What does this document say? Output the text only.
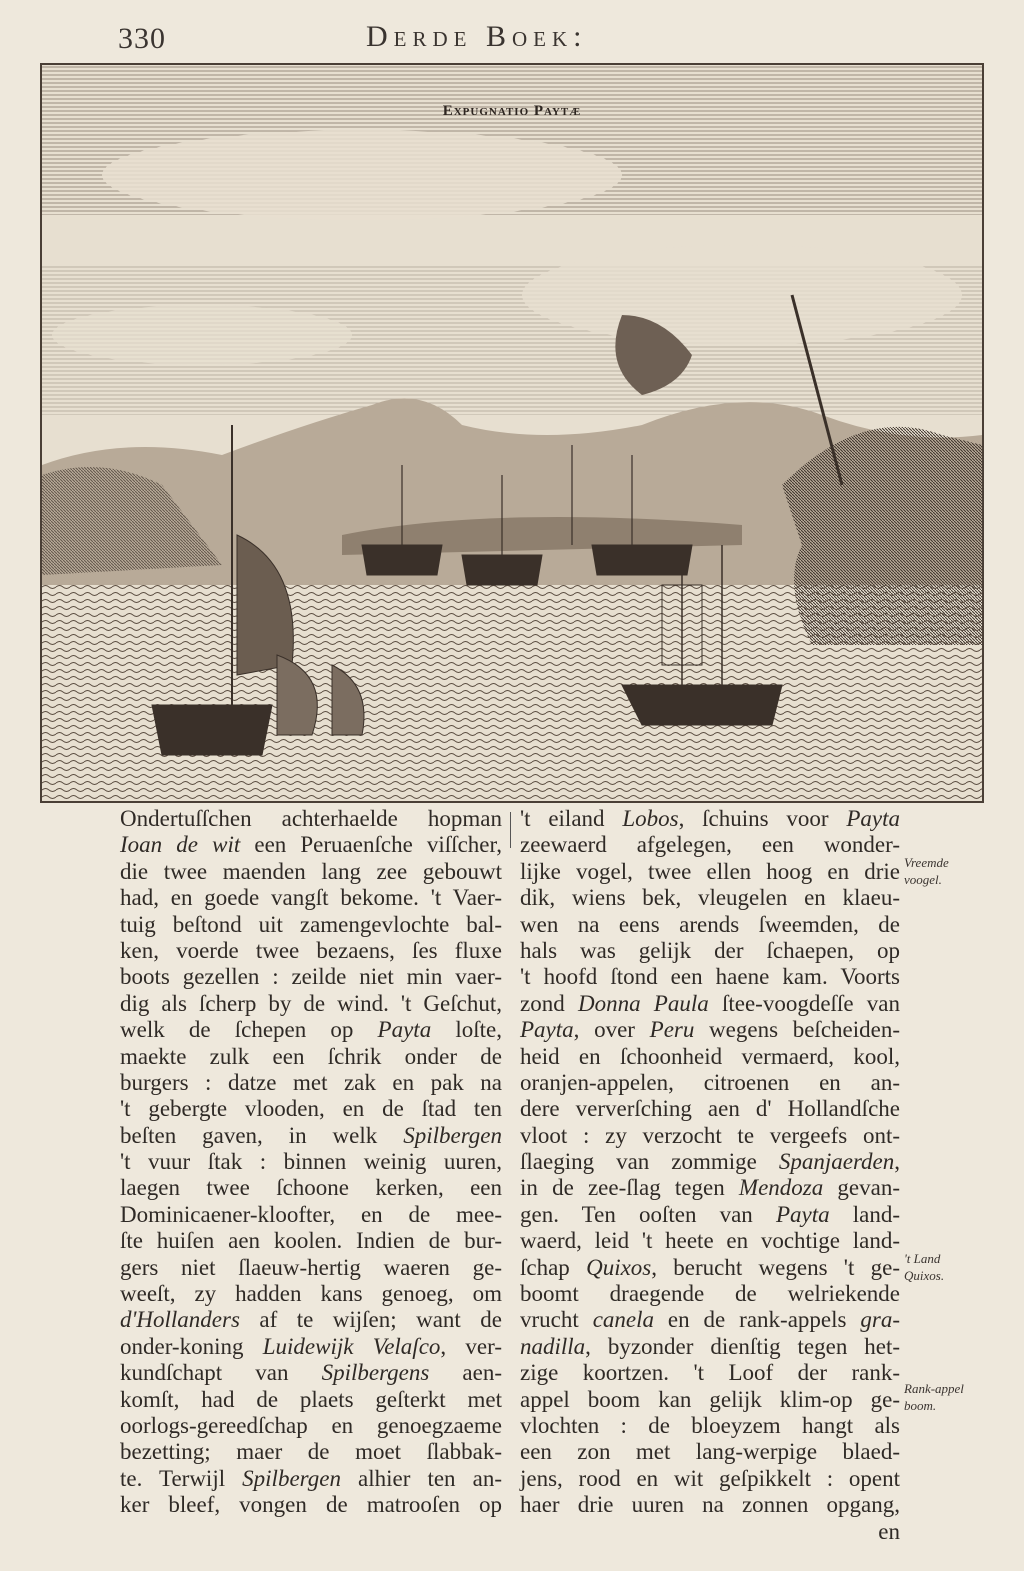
330	Derde Boek:
Expugnatio Paytæ
Ondertuſſchen achterhaelde hopman
Ioan de wit een Peruaenſche viſſcher,
die twee maenden lang zee gebouwt
had, en goede vangſt bekome. 't Vaer-
tuig beſtond uit zamengevlochte bal-
ken, voerde twee bezaens, ſes fluxe
boots gezellen : zeilde niet min vaer-
dig als ſcherp by de wind. 't Geſchut,
welk de ſchepen op Payta loſte,
maekte zulk een ſchrik onder de
burgers : datze met zak en pak na
't gebergte vlooden, en de ſtad ten
beſten gaven, in welk Spilbergen
't vuur ſtak : binnen weinig uuren,
laegen twee ſchoone kerken, een
Dominicaener-kloofter, en de mee-
ſte huiſen aen koolen. Indien de bur-
gers niet ſlaeuw-hertig waeren ge-
weeſt, zy hadden kans genoeg, om
d'Hollanders af te wijſen; want de
onder-koning Luidewijk Velaſco, ver-
kundſchapt van Spilbergens aen-
komſt, had de plaets geſterkt met
oorlogs-gereedſchap en genoegzaeme
bezetting; maer de moet ſlabbak-
te. Terwijl Spilbergen alhier ten an-
ker bleef, vongen de matrooſen op
't eiland Lobos, ſchuins voor Payta
zeewaerd afgelegen, een wonder-
lijke vogel, twee ellen hoog en drie
dik, wiens bek, vleugelen en klaeu-
wen na eens arends ſweemden, de
hals was gelijk der ſchaepen, op
't hoofd ſtond een haene kam. Voorts
zond Donna Paula ſtee-voogdeſſe van
Payta, over Peru wegens beſcheiden-
heid en ſchoonheid vermaerd, kool,
oranjen-appelen, citroenen en an-
dere ververſching aen d' Hollandſche
vloot : zy verzocht te vergeefs ont-
ſlaeging van zommige Spanjaerden,
in de zee-ſlag tegen Mendoza gevan-
gen. Ten ooſten van Payta land-
waerd, leid 't heete en vochtige land-
ſchap Quixos, berucht wegens 't ge-
boomt draegende de welriekende
vrucht canela en de rank-appels gra-
nadilla, byzonder dienſtig tegen het-
zige koortzen. 't Loof der rank-
appel boom kan gelijk klim-op ge-
vlochten : de bloeyzem hangt als
een zon met lang-werpige blaed-
jens, rood en wit geſpikkelt : opent
haer drie uuren na zonnen opgang,
en
Vreemde
voogel.
't Land
Quixos.
Rank-appel
boom.
